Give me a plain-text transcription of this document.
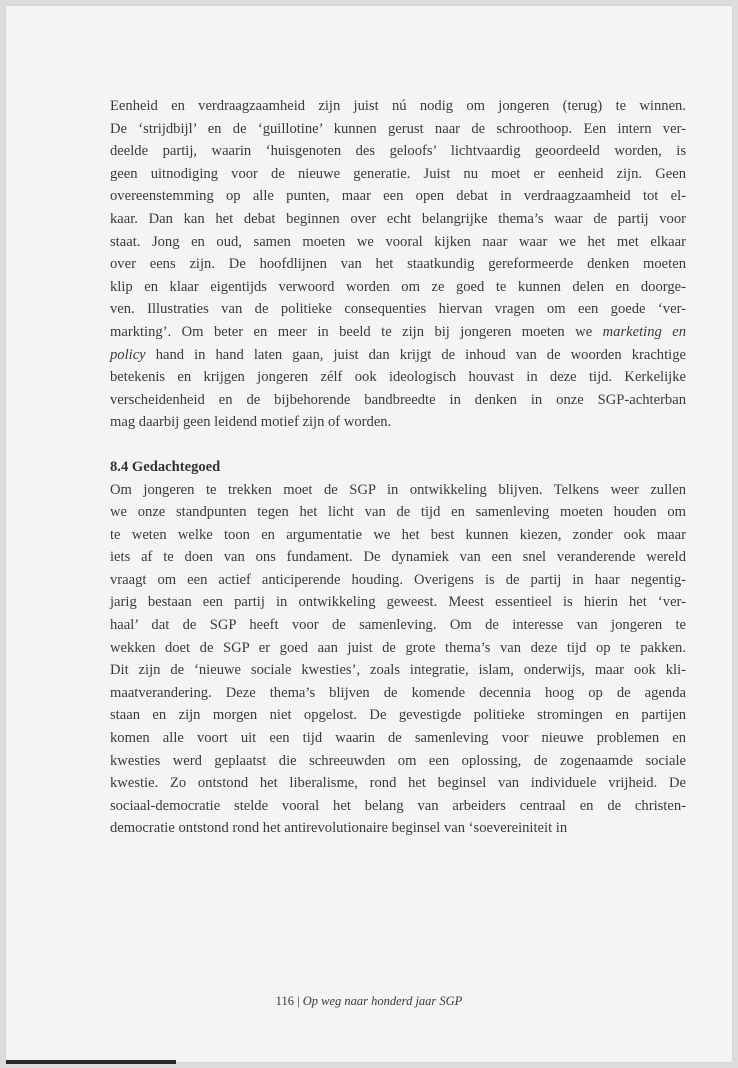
Eenheid en verdraagzaamheid zijn juist nú nodig om jongeren (terug) te winnen.
De ‘strijdbijl’ en de ‘guillotine’ kunnen gerust naar de schroothoop. Een intern ver-
deelde partij, waarin ‘huisgenoten des geloofs’ lichtvaardig geoordeeld worden, is
geen uitnodiging voor de nieuwe generatie. Juist nu moet er eenheid zijn. Geen
overeenstemming op alle punten, maar een open debat in verdraagzaamheid tot el-
kaar. Dan kan het debat beginnen over echt belangrijke thema’s waar de partij voor
staat. Jong en oud, samen moeten we vooral kijken naar waar we het met elkaar
over eens zijn. De hoofdlijnen van het staatkundig gereformeerde denken moeten
klip en klaar eigentijds verwoord worden om ze goed te kunnen delen en doorge-
ven. Illustraties van de politieke consequenties hiervan vragen om een goede ‘ver-
markting’. Om beter en meer in beeld te zijn bij jongeren moeten we marketing en
policy hand in hand laten gaan, juist dan krijgt de inhoud van de woorden krachtige
betekenis en krijgen jongeren zélf ook ideologisch houvast in deze tijd. Kerkelijke
verscheidenheid en de bijbehorende bandbreedte in denken in onze SGP-achterban
mag daarbij geen leidend motief zijn of worden.

8.4 Gedachtegoed

Om jongeren te trekken moet de SGP in ontwikkeling blijven. Telkens weer zullen
we onze standpunten tegen het licht van de tijd en samenleving moeten houden om
te weten welke toon en argumentatie we het best kunnen kiezen, zonder ook maar
iets af te doen van ons fundament. De dynamiek van een snel veranderende wereld
vraagt om een actief anticiperende houding. Overigens is de partij in haar negentig-
jarig bestaan een partij in ontwikkeling geweest. Meest essentieel is hierin het ‘ver-
haal’ dat de SGP heeft voor de samenleving. Om de interesse van jongeren te
wekken doet de SGP er goed aan juist de grote thema’s van deze tijd op te pakken.
Dit zijn de ‘nieuwe sociale kwesties’, zoals integratie, islam, onderwijs, maar ook kli-
maatverandering. Deze thema’s blijven de komende decennia hoog op de agenda
staan en zijn morgen niet opgelost. De gevestigde politieke stromingen en partijen
komen alle voort uit een tijd waarin de samenleving voor nieuwe problemen en
kwesties werd geplaatst die schreeuwden om een oplossing, de zogenaamde sociale
kwestie. Zo ontstond het liberalisme, rond het beginsel van individuele vrijheid. De
sociaal-democratie stelde vooral het belang van arbeiders centraal en de christen-
democratie ontstond rond het antirevolutionaire beginsel van ‘soevereiniteit in

116 | Op weg naar honderd jaar SGP
